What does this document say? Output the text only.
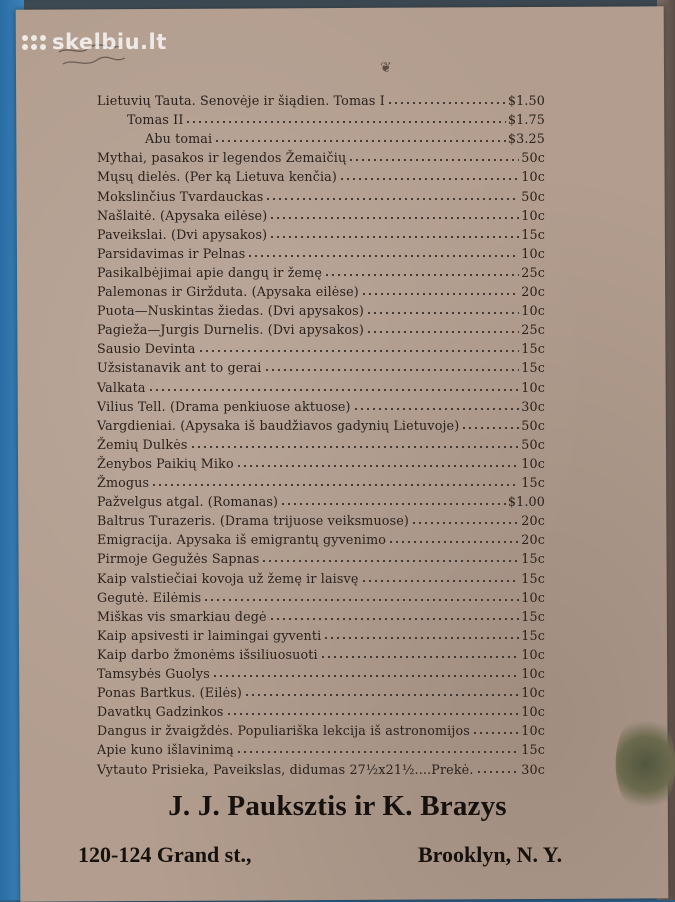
❦
skelbiu.lt
Lietuvių Tauta. Senovėje ir šiądien. Tomas I	$1.50
Tomas II	$1.75
Abu tomai	$3.25
Mythai, pasakos ir legendos Žemaičių	50c
Mųsų dielės. (Per ką Lietuva kenčia)	10c
Mokslinčius Tvardauckas	50c
Našlaitė. (Apysaka eilėse)	10c
Paveikslai. (Dvi apysakos)	15c
Parsidavimas ir Pelnas	10c
Pasikalbėjimai apie dangų ir žemę	25c
Palemonas ir Giržduta. (Apysaka eilėse)	20c
Puota—Nuskintas žiedas. (Dvi apysakos)	10c
Pagieža—Jurgis Durnelis. (Dvi apysakos)	25c
Sausio Devinta	15c
Užsistanavik ant to gerai	15c
Valkata	10c
Vilius Tell. (Drama penkiuose aktuose)	30c
Vargdieniai. (Apysaka iš baudžiavos gadynių Lietuvoje)	50c
Žemių Dulkės	50c
Ženybos Paikių Miko	10c
Žmogus	15c
Pažvelgus atgal. (Romanas)	$1.00
Baltrus Turazeris. (Drama trijuose veiksmuose)	20c
Emigracija. Apysaka iš emigrantų gyvenimo	20c
Pirmoje Gegužės Sapnas	15c
Kaip valstiečiai kovoja už žemę ir laisvę	15c
Gegutė. Eilėmis	10c
Miškas vis smarkiau degė	15c
Kaip apsivesti ir laimingai gyventi	15c
Kaip darbo žmonėms išsiliuosuoti	10c
Tamsybės Guolys	10c
Ponas Bartkus. (Eilės)	10c
Davatkų Gadzinkos	10c
Dangus ir žvaigždės. Populiariška lekcija iš astronomijos	10c
Apie kuno išlavinimą	15c
Vytauto Prisieka, Paveikslas, didumas 27½x21½....Prekė.	30c
J. J. Pauksztis ir K. Brazys
120-124 Grand st.,	Brooklyn, N. Y.
